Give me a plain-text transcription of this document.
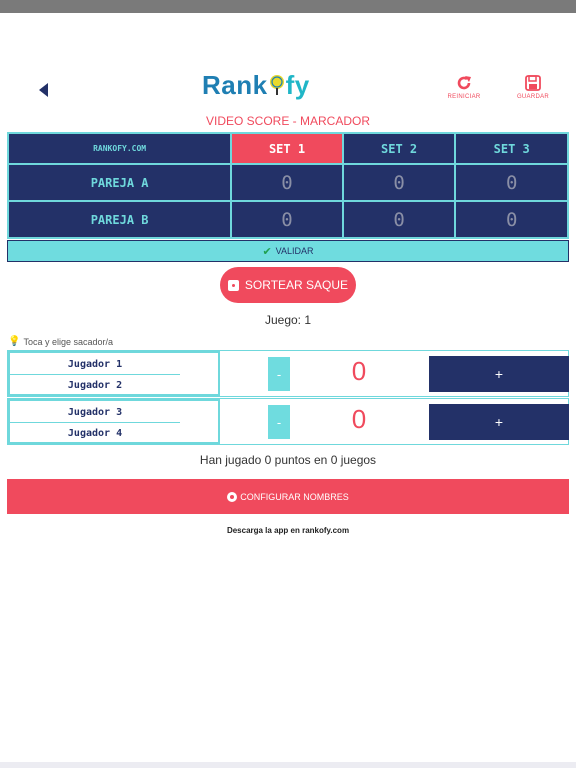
Rank fy	REINICIAR	GUARDAR
VIDEO SCORE - MARCADOR
RANKOFY.COM	SET 1	SET 2	SET 3
PAREJA A	0	0	0
PAREJA B	0	0	0
✔ VALIDAR
SORTEAR SAQUE
Juego: 1
💡 Toca y elige sacador/a
Jugador 1
Jugador 2
-	0	+
Jugador 3
Jugador 4
-	0	+
Han jugado 0 puntos en 0 juegos
CONFIGURAR NOMBRES
Descarga la app en rankofy.com
